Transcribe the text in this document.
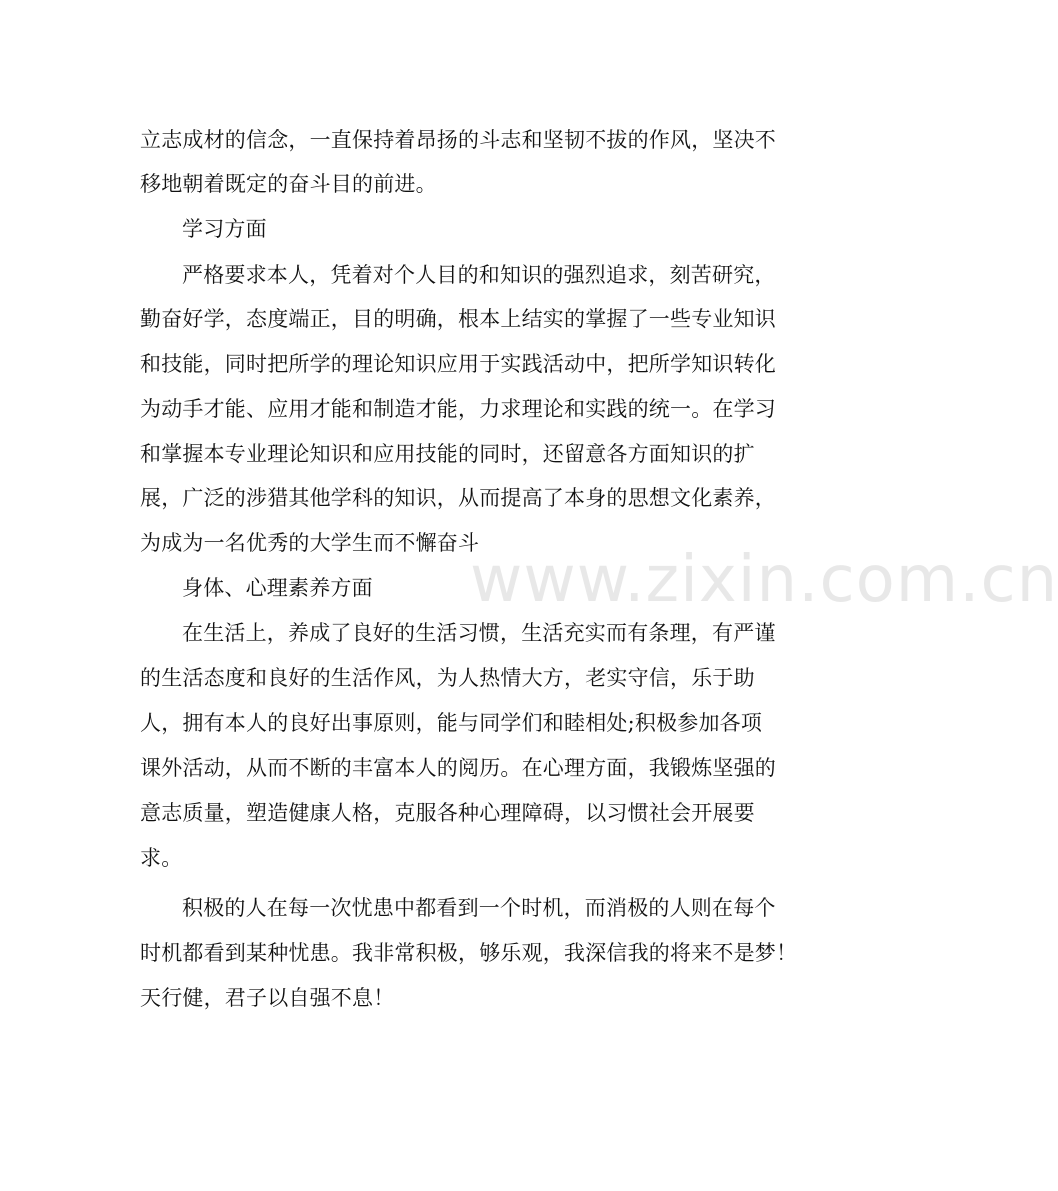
立志成材的信念，一直保持着昂扬的斗志和坚韧不拔的作风，坚决不
移地朝着既定的奋斗目的前进。
学习方面
严格要求本人，凭着对个人目的和知识的强烈追求，刻苦研究，
勤奋好学，态度端正，目的明确，根本上结实的掌握了一些专业知识
和技能，同时把所学的理论知识应用于实践活动中，把所学知识转化
为动手才能、应用才能和制造才能，力求理论和实践的统一。在学习
和掌握本专业理论知识和应用技能的同时，还留意各方面知识的扩
展，广泛的涉猎其他学科的知识，从而提高了本身的思想文化素养，
为成为一名优秀的大学生而不懈奋斗
身体、心理素养方面
在生活上，养成了良好的生活习惯，生活充实而有条理，有严谨
的生活态度和良好的生活作风，为人热情大方，老实守信，乐于助
人，拥有本人的良好出事原则，能与同学们和睦相处;积极参加各项
课外活动，从而不断的丰富本人的阅历。在心理方面，我锻炼坚强的
意志质量，塑造健康人格，克服各种心理障碍，以习惯社会开展要
求。
积极的人在每一次忧患中都看到一个时机，而消极的人则在每个
时机都看到某种忧患。我非常积极，够乐观，我深信我的将来不是梦！
天行健，君子以自强不息！
www.zixin.com.cn
